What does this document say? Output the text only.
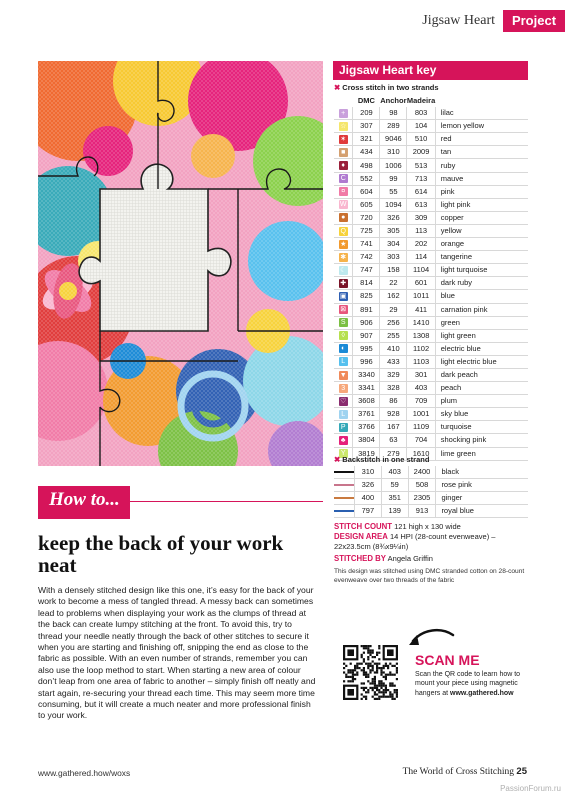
Jigsaw Heart	Project
Jigsaw Heart key
✖ Cross stitch in two strands
	DMC	Anchor	Madeira	
+	209	98	803	lilac
☆	307	289	104	lemon yellow
✶	321	9046	510	red
■	434	310	2009	tan
♦	498	1006	513	ruby
C	552	99	713	mauve
¤	604	55	614	pink
W	605	1094	613	light pink
●	720	326	309	copper
Q	725	305	113	yellow
★	741	304	202	orange
✱	742	303	114	tangerine
☾	747	158	1104	light turquoise
✚	814	22	601	dark ruby
▣	825	162	1011	blue
⊠	891	29	411	carnation pink
S	906	256	1410	green
◊	907	255	1308	light green
◐	995	410	1102	electric blue
L	996	433	1103	light electric blue
▼	3340	329	301	dark peach
3	3341	328	403	peach
♡	3608	86	709	plum
L	3761	928	1001	sky blue
P	3766	167	1109	turquoise
♣	3804	63	704	shocking pink
Y	3819	279	1610	lime green
✖ Backstitch in one strand
	310	403	2400	black
	326	59	508	rose pink
	400	351	2305	ginger
	797	139	913	royal blue
STITCH COUNT 121 high x 130 wide
DESIGN AREA 14 HPI (28-count evenweave) – 22x23.5cm (8¾x9¼in)
STITCHED BY Angela Griffin
This design was stitched using DMC stranded cotton on 28-count evenweave over two threads of the fabric
How to...
keep the back of your work neat
With a densely stitched design like this one, it’s easy for the back of your work to become a mess of tangled thread. A messy back can sometimes lead to problems when displaying your work as the clumps of thread at the back can create lumpy stitching at the front. To avoid this, try to thread your needle neatly through the back of other stitches to secure it when you are starting and finishing off, snipping the end as close to the fabric as possible. With an even number of strands, remember you can also use the loop method to start. When starting a new area of colour don’t leap from one area of fabric to another – simply finish off neatly and start again, re-securing your thread each time. This may seem more time consuming, but it will create a much neater and more professional finish to your work.
SCAN ME
Scan the QR code to learn how to mount your piece using magnetic hangers at www.gathered.how
www.gathered.how/woxs	The World of Cross Stitching 25
PassionForum.ru
